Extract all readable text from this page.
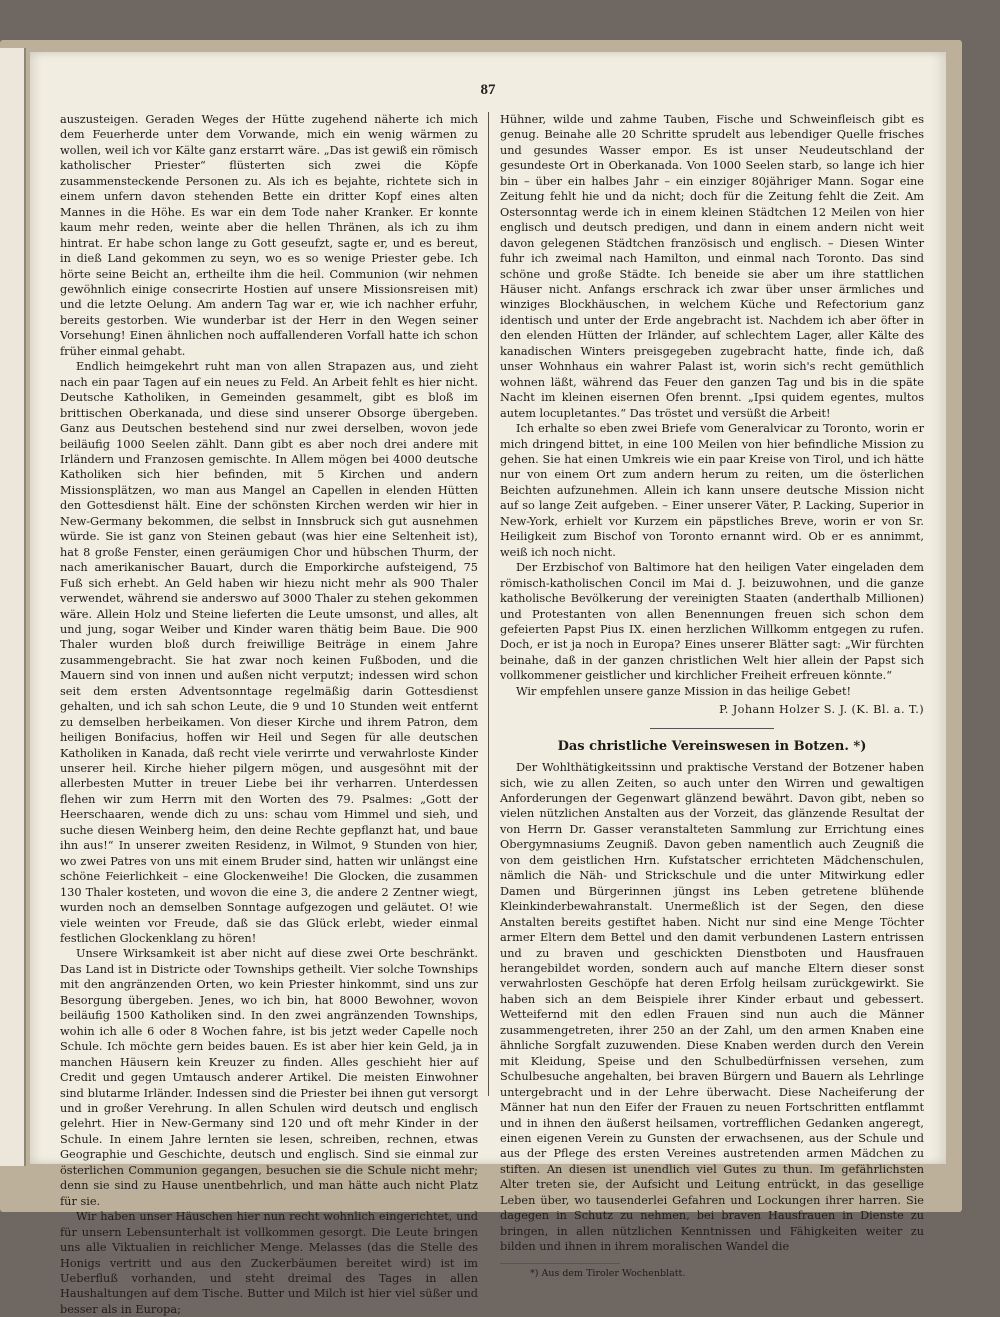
87

auszusteigen. Geraden Weges der Hütte zugehend näherte ich mich dem Feuerherde unter dem Vorwande, mich ein wenig wärmen zu wollen, weil ich vor Kälte ganz erstarrt wäre. „Das ist gewiß ein römisch katholischer Priester“ flüsterten sich zwei die Köpfe zusammensteckende Personen zu. Als ich es bejahte, richtete sich in einem unfern davon stehenden Bette ein dritter Kopf eines alten Mannes in die Höhe. Es war ein dem Tode naher Kranker. Er konnte kaum mehr reden, weinte aber die hellen Thränen, als ich zu ihm hintrat. Er habe schon lange zu Gott geseufzt, sagte er, und es bereut, in dieß Land gekommen zu seyn, wo es so wenige Priester gebe. Ich hörte seine Beicht an, ertheilte ihm die heil. Communion (wir nehmen gewöhnlich einige consecrirte Hostien auf unsere Missionsreisen mit) und die letzte Oelung. Am andern Tag war er, wie ich nachher erfuhr, bereits gestorben. Wie wunderbar ist der Herr in den Wegen seiner Vorsehung! Einen ähnlichen noch auffallenderen Vorfall hatte ich schon früher einmal gehabt.

Endlich heimgekehrt ruht man von allen Strapazen aus, und zieht nach ein paar Tagen auf ein neues zu Feld. An Arbeit fehlt es hier nicht. Deutsche Katholiken, in Gemeinden gesammelt, gibt es bloß im brittischen Oberkanada, und diese sind unserer Obsorge übergeben. Ganz aus Deutschen bestehend sind nur zwei derselben, wovon jede beiläufig 1000 Seelen zählt. Dann gibt es aber noch drei andere mit Irländern und Franzosen gemischte. In Allem mögen bei 4000 deutsche Katholiken sich hier befinden, mit 5 Kirchen und andern Missionsplätzen, wo man aus Mangel an Capellen in elenden Hütten den Gottesdienst hält. Eine der schönsten Kirchen werden wir hier in New-Germany bekommen, die selbst in Innsbruck sich gut ausnehmen würde. Sie ist ganz von Steinen gebaut (was hier eine Seltenheit ist), hat 8 große Fenster, einen geräumigen Chor und hübschen Thurm, der nach amerikanischer Bauart, durch die Emporkirche aufsteigend, 75 Fuß sich erhebt. An Geld haben wir hiezu nicht mehr als 900 Thaler verwendet, während sie anderswo auf 3000 Thaler zu stehen gekommen wäre. Allein Holz und Steine lieferten die Leute umsonst, und alles, alt und jung, sogar Weiber und Kinder waren thätig beim Baue. Die 900 Thaler wurden bloß durch freiwillige Beiträge in einem Jahre zusammengebracht. Sie hat zwar noch keinen Fußboden, und die Mauern sind von innen und außen nicht verputzt; indessen wird schon seit dem ersten Adventsonntage regelmäßig darin Gottesdienst gehalten, und ich sah schon Leute, die 9 und 10 Stunden weit entfernt zu demselben herbeikamen. Von dieser Kirche und ihrem Patron, dem heiligen Bonifacius, hoffen wir Heil und Segen für alle deutschen Katholiken in Kanada, daß recht viele verirrte und verwahrloste Kinder unserer heil. Kirche hieher pilgern mögen, und ausgesöhnt mit der allerbesten Mutter in treuer Liebe bei ihr verharren. Unterdessen flehen wir zum Herrn mit den Worten des 79. Psalmes: „Gott der Heerschaaren, wende dich zu uns: schau vom Himmel und sieh, und suche diesen Weinberg heim, den deine Rechte gepflanzt hat, und baue ihn aus!“ In unserer zweiten Residenz, in Wilmot, 9 Stunden von hier, wo zwei Patres von uns mit einem Bruder sind, hatten wir unlängst eine schöne Feierlichkeit – eine Glockenweihe! Die Glocken, die zusammen 130 Thaler kosteten, und wovon die eine 3, die andere 2 Zentner wiegt, wurden noch an demselben Sonntage aufgezogen und geläutet. O! wie viele weinten vor Freude, daß sie das Glück erlebt, wieder einmal festlichen Glockenklang zu hören!

Unsere Wirksamkeit ist aber nicht auf diese zwei Orte beschränkt. Das Land ist in Districte oder Townships getheilt. Vier solche Townships mit den angränzenden Orten, wo kein Priester hinkommt, sind uns zur Besorgung übergeben. Jenes, wo ich bin, hat 8000 Bewohner, wovon beiläufig 1500 Katholiken sind. In den zwei angränzenden Townships, wohin ich alle 6 oder 8 Wochen fahre, ist bis jetzt weder Capelle noch Schule. Ich möchte gern beides bauen. Es ist aber hier kein Geld, ja in manchen Häusern kein Kreuzer zu finden. Alles geschieht hier auf Credit und gegen Umtausch anderer Artikel. Die meisten Einwohner sind blutarme Irländer. Indessen sind die Priester bei ihnen gut versorgt und in großer Verehrung. In allen Schulen wird deutsch und englisch gelehrt. Hier in New-Germany sind 120 und oft mehr Kinder in der Schule. In einem Jahre lernten sie lesen, schreiben, rechnen, etwas Geographie und Geschichte, deutsch und englisch. Sind sie einmal zur österlichen Communion gegangen, besuchen sie die Schule nicht mehr; denn sie sind zu Hause unentbehrlich, und man hätte auch nicht Platz für sie.

Wir haben unser Häuschen hier nun recht wohnlich eingerichtet, und für unsern Lebensunterhalt ist vollkommen gesorgt. Die Leute bringen uns alle Viktualien in reichlicher Menge. Melasses (das die Stelle des Honigs vertritt und aus den Zuckerbäumen bereitet wird) ist im Ueberfluß vorhanden, und steht dreimal des Tages in allen Haushaltungen auf dem Tische. Butter und Milch ist hier viel süßer und besser als in Europa;

Hühner, wilde und zahme Tauben, Fische und Schweinfleisch gibt es genug. Beinahe alle 20 Schritte sprudelt aus lebendiger Quelle frisches und gesundes Wasser empor. Es ist unser Neudeutschland der gesundeste Ort in Oberkanada. Von 1000 Seelen starb, so lange ich hier bin – über ein halbes Jahr – ein einziger 80jähriger Mann. Sogar eine Zeitung fehlt hie und da nicht; doch für die Zeitung fehlt die Zeit. Am Ostersonntag werde ich in einem kleinen Städtchen 12 Meilen von hier englisch und deutsch predigen, und dann in einem andern nicht weit davon gelegenen Städtchen französisch und englisch. – Diesen Winter fuhr ich zweimal nach Hamilton, und einmal nach Toronto. Das sind schöne und große Städte. Ich beneide sie aber um ihre stattlichen Häuser nicht. Anfangs erschrack ich zwar über unser ärmliches und winziges Blockhäuschen, in welchem Küche und Refectorium ganz identisch und unter der Erde angebracht ist. Nachdem ich aber öfter in den elenden Hütten der Irländer, auf schlechtem Lager, aller Kälte des kanadischen Winters preisgegeben zugebracht hatte, finde ich, daß unser Wohnhaus ein wahrer Palast ist, worin sich's recht gemüthlich wohnen läßt, während das Feuer den ganzen Tag und bis in die späte Nacht im kleinen eisernen Ofen brennt. „Ipsi quidem egentes, multos autem locupletantes.“ Das tröstet und versüßt die Arbeit!

Ich erhalte so eben zwei Briefe vom Generalvicar zu Toronto, worin er mich dringend bittet, in eine 100 Meilen von hier befindliche Mission zu gehen. Sie hat einen Umkreis wie ein paar Kreise von Tirol, und ich hätte nur von einem Ort zum andern herum zu reiten, um die österlichen Beichten aufzunehmen. Allein ich kann unsere deutsche Mission nicht auf so lange Zeit aufgeben. – Einer unserer Väter, P. Lacking, Superior in New-York, erhielt vor Kurzem ein päpstliches Breve, worin er von Sr. Heiligkeit zum Bischof von Toronto ernannt wird. Ob er es annimmt, weiß ich noch nicht.

Der Erzbischof von Baltimore hat den heiligen Vater eingeladen dem römisch-katholischen Concil im Mai d. J. beizuwohnen, und die ganze katholische Bevölkerung der vereinigten Staaten (anderthalb Millionen) und Protestanten von allen Benennungen freuen sich schon dem gefeierten Papst Pius IX. einen herzlichen Willkomm entgegen zu rufen. Doch, er ist ja noch in Europa? Eines unserer Blätter sagt: „Wir fürchten beinahe, daß in der ganzen christlichen Welt hier allein der Papst sich vollkommener geistlicher und kirchlicher Freiheit erfreuen könnte.“

Wir empfehlen unsere ganze Mission in das heilige Gebet!

P. Johann Holzer S. J. (K. Bl. a. T.)
Das christliche Vereinswesen in Botzen. *)

Der Wohlthätigkeitssinn und praktische Verstand der Botzener haben sich, wie zu allen Zeiten, so auch unter den Wirren und gewaltigen Anforderungen der Gegenwart glänzend bewährt. Davon gibt, neben so vielen nützlichen Anstalten aus der Vorzeit, das glänzende Resultat der von Herrn Dr. Gasser veranstalteten Sammlung zur Errichtung eines Obergymnasiums Zeugniß. Davon geben namentlich auch Zeugniß die von dem geistlichen Hrn. Kufstatscher errichteten Mädchenschulen, nämlich die Näh- und Strickschule und die unter Mitwirkung edler Damen und Bürgerinnen jüngst ins Leben getretene blühende Kleinkinderbewahranstalt. Unermeßlich ist der Segen, den diese Anstalten bereits gestiftet haben. Nicht nur sind eine Menge Töchter armer Eltern dem Bettel und den damit verbundenen Lastern entrissen und zu braven und geschickten Dienstboten und Hausfrauen herangebildet worden, sondern auch auf manche Eltern dieser sonst verwahrlosten Geschöpfe hat deren Erfolg heilsam zurückgewirkt. Sie haben sich an dem Beispiele ihrer Kinder erbaut und gebessert. Wetteifernd mit den edlen Frauen sind nun auch die Männer zusammengetreten, ihrer 250 an der Zahl, um den armen Knaben eine ähnliche Sorgfalt zuzuwenden. Diese Knaben werden durch den Verein mit Kleidung, Speise und den Schulbedürfnissen versehen, zum Schulbesuche angehalten, bei braven Bürgern und Bauern als Lehrlinge untergebracht und in der Lehre überwacht. Diese Nacheiferung der Männer hat nun den Eifer der Frauen zu neuen Fortschritten entflammt und in ihnen den äußerst heilsamen, vortrefflichen Gedanken angeregt, einen eigenen Verein zu Gunsten der erwachsenen, aus der Schule und aus der Pflege des ersten Vereines austretenden armen Mädchen zu stiften. An diesen ist unendlich viel Gutes zu thun. Im gefährlichsten Alter treten sie, der Aufsicht und Leitung entrückt, in das gesellige Leben über, wo tausenderlei Gefahren und Lockungen ihrer harren. Sie dagegen in Schutz zu nehmen, bei braven Hausfrauen in Dienste zu bringen, in allen nützlichen Kenntnissen und Fähigkeiten weiter zu bilden und ihnen in ihrem moralischen Wandel die

*) Aus dem Tiroler Wochenblatt.
